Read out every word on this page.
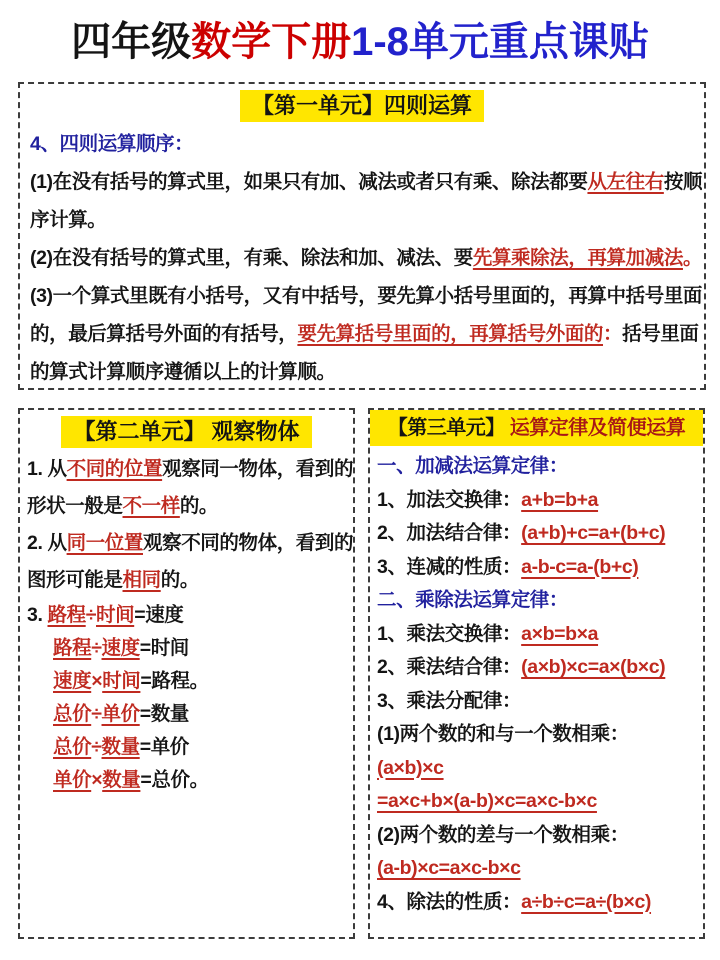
四年级数学下册1-8单元重点课贴
【第一单元】四则运算
4、四则运算顺序：
(1)在没有括号的算式里，如果只有加、减法或者只有乘、除法都要从左往右按顺
序计算。
(2)在没有括号的算式里，有乘、除法和加、减法、要先算乘除法，再算加减法。
(3)一个算式里既有小括号，又有中括号，要先算小括号里面的，再算中括号里面
的，最后算括号外面的有括号，要先算括号里面的，再算括号外面的：括号里面
的算式计算顺序遵循以上的计算顺。
【第二单元】 观察物体
1. 从不同的位置观察同一物体，看到的
形状一般是不一样的。
2. 从同一位置观察不同的物体，看到的
图形可能是相同的。
3. 路程÷时间=速度
路程÷速度=时间
速度×时间=路程。
总价÷单价=数量
总价÷数量=单价
单价×数量=总价。
【第三单元】 运算定律及简便运算
一、加减法运算定律：
1、加法交换律：a+b=b+a
2、加法结合律：(a+b)+c=a+(b+c)
3、连减的性质：a-b-c=a-(b+c)
二、乘除法运算定律：
1、乘法交换律：a×b=b×a
2、乘法结合律：(a×b)×c=a×(b×c)
3、乘法分配律：
(1)两个数的和与一个数相乘：
(a×b)×c
=a×c+b×(a-b)×c=a×c-b×c
(2)两个数的差与一个数相乘：
(a-b)×c=a×c-b×c
4、除法的性质：a÷b÷c=a÷(b×c)
